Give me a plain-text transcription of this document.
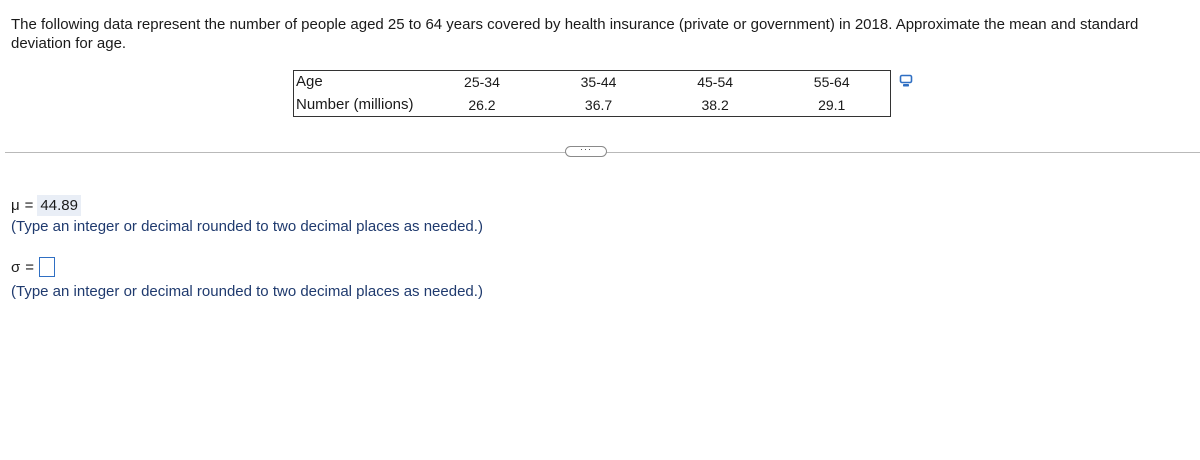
The following data represent the number of people aged 25 to 64 years covered by health insurance (private or government) in 2018. Approximate the mean and standard deviation for age.
Age	25-34	35-44	45-54	55-64
Number (millions)	26.2	36.7	38.2	29.1
···
μ = 44.89
(Type an integer or decimal rounded to two decimal places as needed.)
σ =
(Type an integer or decimal rounded to two decimal places as needed.)
